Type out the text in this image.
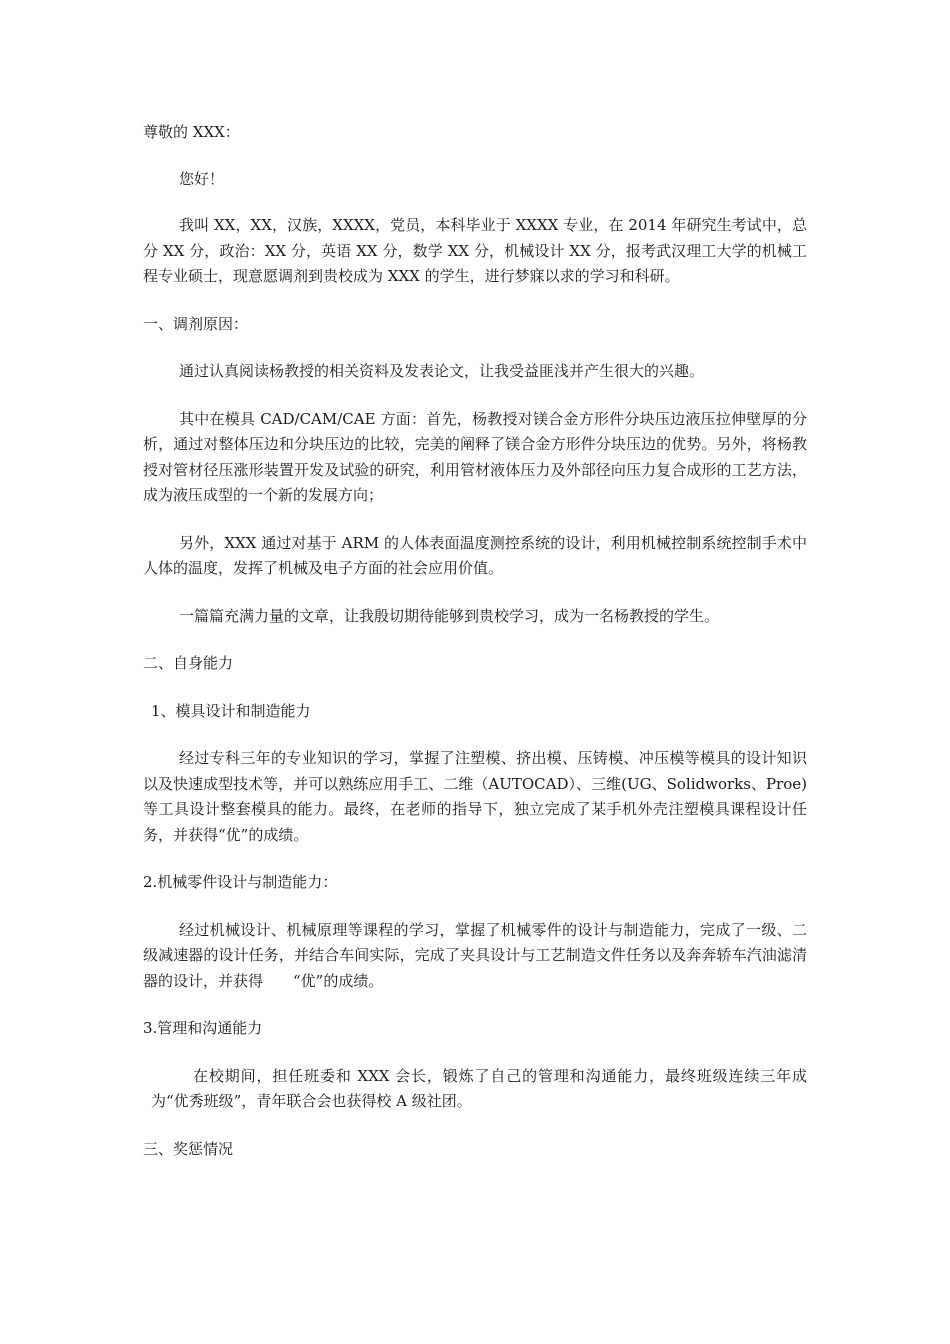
尊敬的 XXX：

您好！

我叫 XX，XX，汉族，XXXX，党员，本科毕业于 XXXX 专业，在 2014 年研究生考试中，总分 XX 分，政治：XX 分，英语 XX 分，数学 XX 分，机械设计 XX 分，报考武汉理工大学的机械工程专业硕士，现意愿调剂到贵校成为 XXX 的学生，进行梦寐以求的学习和科研。

一、调剂原因：

通过认真阅读杨教授的相关资料及发表论文，让我受益匪浅并产生很大的兴趣。

其中在模具 CAD/CAM/CAE 方面：首先，杨教授对镁合金方形件分块压边液压拉伸壁厚的分析，通过对整体压边和分块压边的比较，完美的阐释了镁合金方形件分块压边的优势。另外，将杨教授对管材径压涨形装置开发及试验的研究，利用管材液体压力及外部径向压力复合成形的工艺方法，成为液压成型的一个新的发展方向；

另外，XXX 通过对基于 ARM 的人体表面温度测控系统的设计，利用机械控制系统控制手术中人体的温度，发挥了机械及电子方面的社会应用价值。

一篇篇充满力量的文章，让我殷切期待能够到贵校学习，成为一名杨教授的学生。

二、自身能力

1、模具设计和制造能力

经过专科三年的专业知识的学习，掌握了注塑模、挤出模、压铸模、冲压模等模具的设计知识以及快速成型技术等，并可以熟练应用手工、二维（AUTOCAD）、三维(UG、Solidworks、Proe)等工具设计整套模具的能力。最终，在老师的指导下，独立完成了某手机外壳注塑模具课程设计任务，并获得“优”的成绩。

2.机械零件设计与制造能力：

经过机械设计、机械原理等课程的学习，掌握了机械零件的设计与制造能力，完成了一级、二级减速器的设计任务，并结合车间实际，完成了夹具设计与工艺制造文件任务以及奔奔轿车汽油滤清器的设计，并获得　　“优”的成绩。

3.管理和沟通能力

在校期间，担任班委和 XXX 会长，锻炼了自己的管理和沟通能力，最终班级连续三年成为“优秀班级”，青年联合会也获得校 A 级社团。

三、奖惩情况
